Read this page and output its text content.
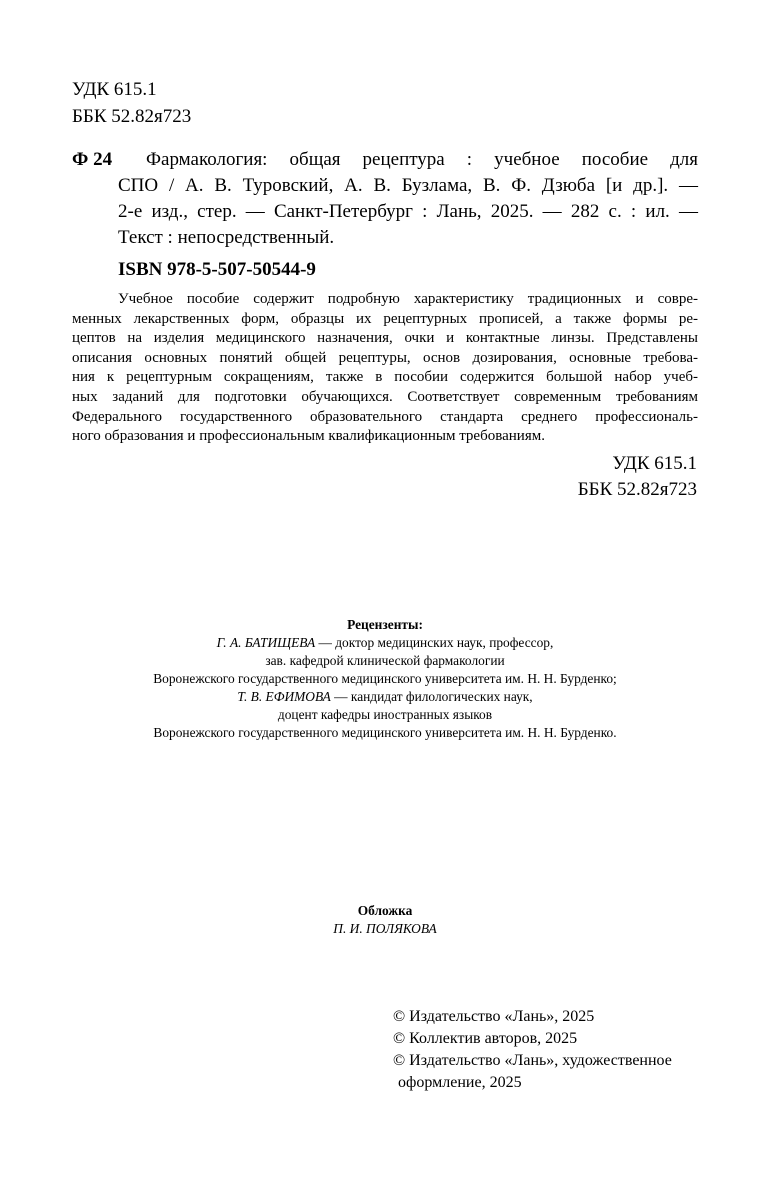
УДК 615.1
ББК 52.82я723
Ф 24	Фармакология: общая рецептура : учебное пособие для
СПО / А. В. Туровский, А. В. Бузлама, В. Ф. Дзюба [и др.]. —
2-е изд., стер. — Санкт-Петербург : Лань, 2025. — 282 с. : ил. —
Текст : непосредственный.
ISBN 978-5-507-50544-9
Учебное пособие содержит подробную характеристику традиционных и совре-
менных лекарственных форм, образцы их рецептурных прописей, а также формы ре-
цептов на изделия медицинского назначения, очки и контактные линзы. Представлены
описания основных понятий общей рецептуры, основ дозирования, основные требова-
ния к рецептурным сокращениям, также в пособии содержится большой набор учеб-
ных заданий для подготовки обучающихся. Соответствует современным требованиям
Федерального государственного образовательного стандарта среднего профессиональ-
ного образования и профессиональным квалификационным требованиям.
УДК 615.1
ББК 52.82я723
Рецензенты:
Г. А. БАТИЩЕВА — доктор медицинских наук, профессор,
зав. кафедрой клинической фармакологии
Воронежского государственного медицинского университета им. Н. Н. Бурденко;
Т. В. ЕФИМОВА — кандидат филологических наук,
доцент кафедры иностранных языков
Воронежского государственного медицинского университета им. Н. Н. Бурденко.
Обложка
П. И. ПОЛЯКОВА
© Издательство «Лань», 2025
© Коллектив авторов, 2025
© Издательство «Лань», художественное
оформление, 2025
